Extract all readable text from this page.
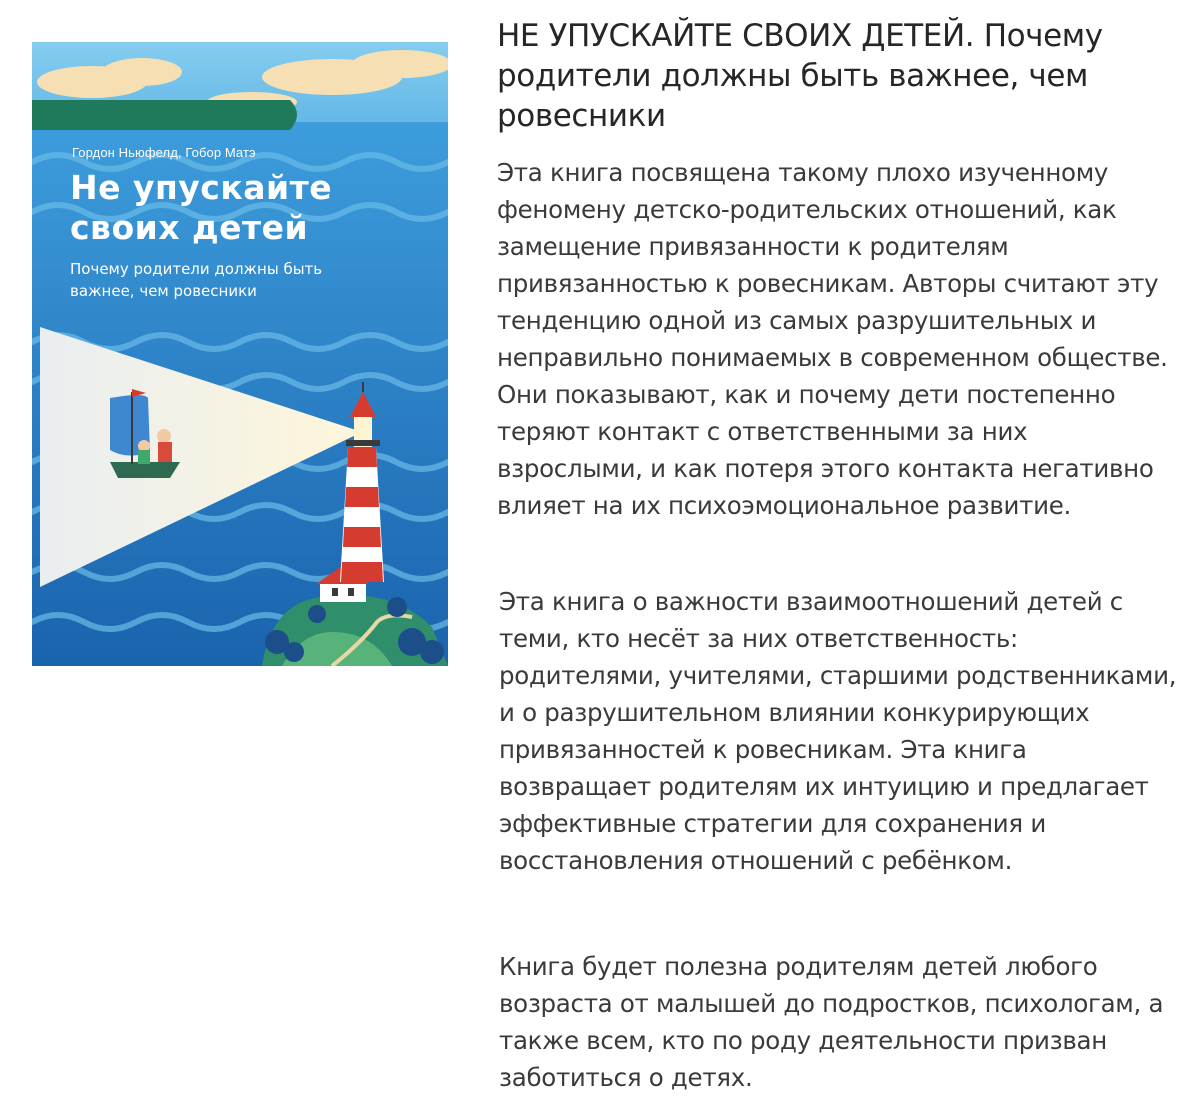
Гордон Ньюфелд, Гобор Матэ
Не упускайте своих детей
Почему родители должны быть важнее, чем ровесники
НЕ УПУСКАЙТЕ СВОИХ ДЕТЕЙ. Почему родители должны быть важнее, чем ровесники

Эта книга посвящена такому плохо изученному феномену детско-родительских отношений, как замещение привязанности к родителям привязанностью к ровесникам. Авторы считают эту тенденцию одной из самых разрушительных и неправильно понимаемых в современном обществе. Они показывают, как и почему дети постепенно теряют контакт с ответственными за них взрослыми, и как потеря этого контакта негативно влияет на их психоэмоциональное развитие.

Эта книга о важности взаимоотношений детей с теми, кто несёт за них ответственность: родителями, учителями, старшими родственниками, и о разрушительном влиянии конкурирующих привязанностей к ровесникам. Эта книга возвращает родителям их интуицию и предлагает эффективные стратегии для сохранения и восстановления отношений с ребёнком.

Книга будет полезна родителям детей любого возраста от малышей до подростков, психологам, а также всем, кто по роду деятельности призван заботиться о детях.
